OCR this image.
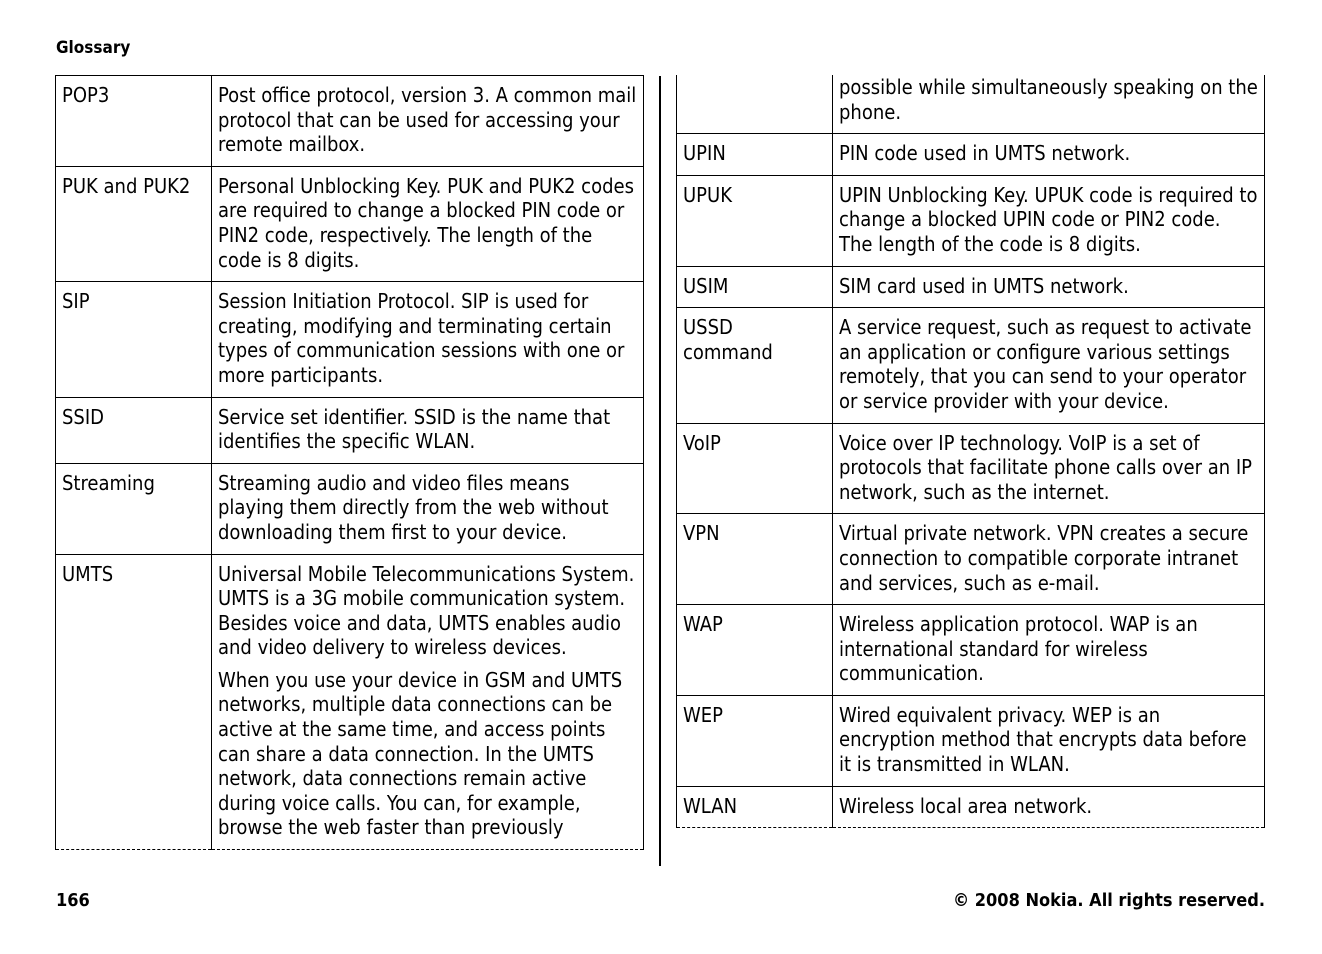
Glossary
POP3	Post office protocol, version 3. A common mail protocol that can be used for accessing your remote mailbox.

PUK and PUK2	Personal Unblocking Key. PUK and PUK2 codes are required to change a blocked PIN code or PIN2 code, respectively. The length of the code is 8 digits.

SIP	Session Initiation Protocol. SIP is used for creating, modifying and terminating certain types of communication sessions with one or more participants.

SSID	Service set identifier. SSID is the name that identifies the specific WLAN.

Streaming	Streaming audio and video files means playing them directly from the web without downloading them first to your device.

UMTS	Universal Mobile Telecommunications System. UMTS is a 3G mobile communication system. Besides voice and data, UMTS enables audio and video delivery to wireless devices.

When you use your device in GSM and UMTS networks, multiple data connections can be active at the same time, and access points can share a data connection. In the UMTS network, data connections remain active during voice calls. You can, for example, browse the web faster than previously

	possible while simultaneously speaking on the phone.

UPIN	PIN code used in UMTS network.

UPUK	UPIN Unblocking Key. UPUK code is required to change a blocked UPIN code or PIN2 code. The length of the code is 8 digits.

USIM	SIM card used in UMTS network.

USSD command	A service request, such as request to activate an application or configure various settings remotely, that you can send to your operator or service provider with your device.

VoIP	Voice over IP technology. VoIP is a set of protocols that facilitate phone calls over an IP network, such as the internet.

VPN	Virtual private network. VPN creates a secure connection to compatible corporate intranet and services, such as e-mail.

WAP	Wireless application protocol. WAP is an international standard for wireless communication.

WEP	Wired equivalent privacy. WEP is an encryption method that encrypts data before it is transmitted in WLAN.

WLAN	Wireless local area network.

166	© 2008 Nokia. All rights reserved.
